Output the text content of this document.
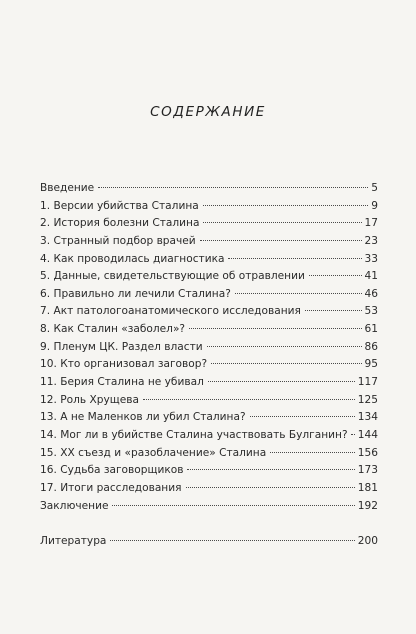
СОДЕРЖАНИЕ
Введение	5
1. Версии убийства Сталина	9
2. История болезни Сталина	17
3. Странный подбор врачей	23
4. Как проводилась диагностика	33
5. Данные, свидетельствующие об отравлении	41
6. Правильно ли лечили Сталина?	46
7. Акт патологоанатомического исследования	53
8. Как Сталин «заболел»?	61
9. Пленум ЦК. Раздел власти	86
10. Кто организовал заговор?	95
11. Берия Сталина не убивал	117
12. Роль Хрущева	125
13. А не Маленков ли убил Сталина?	134
14. Мог ли в убийстве Сталина участвовать Булганин? 144
15. XX съезд и «разоблачение» Сталина	156
16. Судьба заговорщиков	173
17. Итоги расследования	181
Заключение	192
Литература	200
